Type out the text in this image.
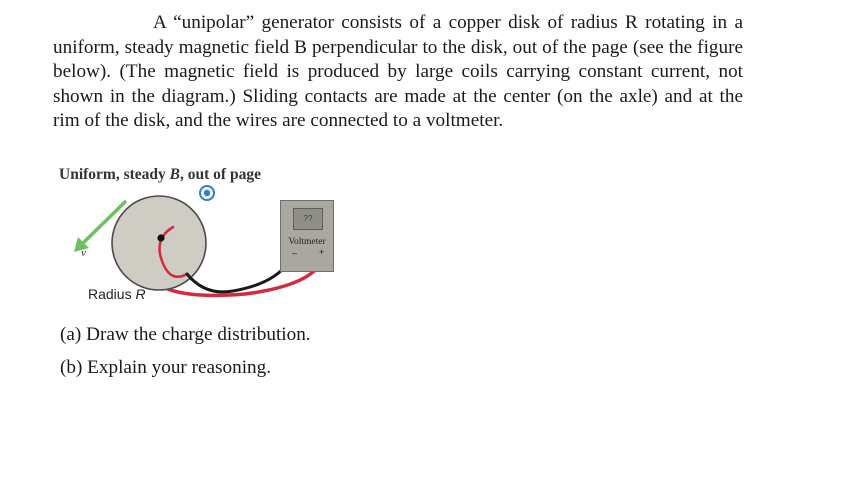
A “unipolar” generator consists of a copper disk of radius R rotating in a uniform, steady magnetic field B perpendicular to the disk, out of the page (see the figure below). (The magnetic field is produced by large coils carrying constant current, not shown in the diagram.) Sliding contacts are made at the center (on the axle) and at the rim of the disk, and the wires are connected to a voltmeter.

Uniform, steady B, out of page
v
Radius R
??
Voltmeter
– +
(a) Draw the charge distribution.
(b) Explain your reasoning.
